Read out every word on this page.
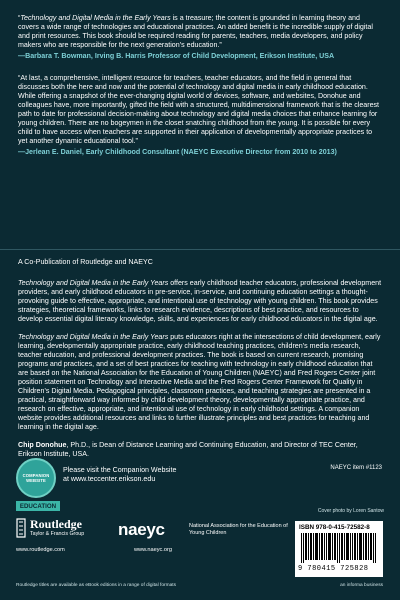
“Technology and Digital Media in the Early Years is a treasure; the content is grounded in learning theory and covers a wide range of technologies and educational practices. An added benefit is the incredible supply of digital and print resources. This book should be required reading for parents, teachers, media developers, and policy makers who are responsible for the next generation’s education.”

—Barbara T. Bowman, Irving B. Harris Professor of Child Development, Erikson Institute, USA

“At last, a comprehensive, intelligent resource for teachers, teacher educators, and the field in general that discusses both the here and now and the potential of technology and digital media in early childhood education. While offering a snapshot of the ever-changing digital world of devices, software, and websites, Donohue and colleagues have, more importantly, gifted the field with a structured, multidimensional framework that is the clearest path to date for professional decision-making about technology and digital media choices that enhance learning for young children. There are no bogeymen in the closet snatching childhood from the young. It is possible for every child to have access when teachers are supported in their application of developmentally appropriate practices to yet another dynamic educational tool.”

—Jerlean E. Daniel, Early Childhood Consultant (NAEYC Executive Director from 2010 to 2013)

A Co-Publication of Routledge and NAEYC

Technology and Digital Media in the Early Years offers early childhood teacher educators, professional development providers, and early childhood educators in pre-service, in-service, and continuing education settings a thought-provoking guide to effective, appropriate, and intentional use of technology with young children. This book provides strategies, theoretical frameworks, links to research evidence, descriptions of best practice, and resources to develop essential digital literacy knowledge, skills, and experiences for early childhood educators in the digital age.

Technology and Digital Media in the Early Years puts educators right at the intersections of child development, early learning, developmentally appropriate practice, early childhood teaching practices, children’s media research, teacher education, and professional development practices. The book is based on current research, promising programs and practices, and a set of best practices for teaching with technology in early childhood education that are based on the National Association for the Education of Young Children (NAEYC) and Fred Rogers Center joint position statement on Technology and Interactive Media and the Fred Rogers Center Framework for Quality in Children’s Digital Media. Pedagogical principles, classroom practices, and teaching strategies are presented in a practical, straightforward way informed by child development theory, developmentally appropriate practice, and research on effective, appropriate, and intentional use of technology in early childhood settings. A companion website provides additional resources and links to further illustrate principles and best practices for teaching and learning in the digital age.

Chip Donohue, Ph.D., is Dean of Distance Learning and Continuing Education, and Director of TEC Center, Erikson Institute, USA.

COMPANION WEBSITE
Please visit the Companion Website
at www.teccenter.erikson.edu
NAEYC item #1123
EDUCATION
Routledge
Taylor & Francis Group
www.routledge.com
naeyc	National Association for the Education of Young Children
www.naeyc.org
Cover photo by Loren Santow
ISBN 978-0-415-72582-8
9 780415 725828
Routledge titles are available as eBook editions in a range of digital formats	an informa business
